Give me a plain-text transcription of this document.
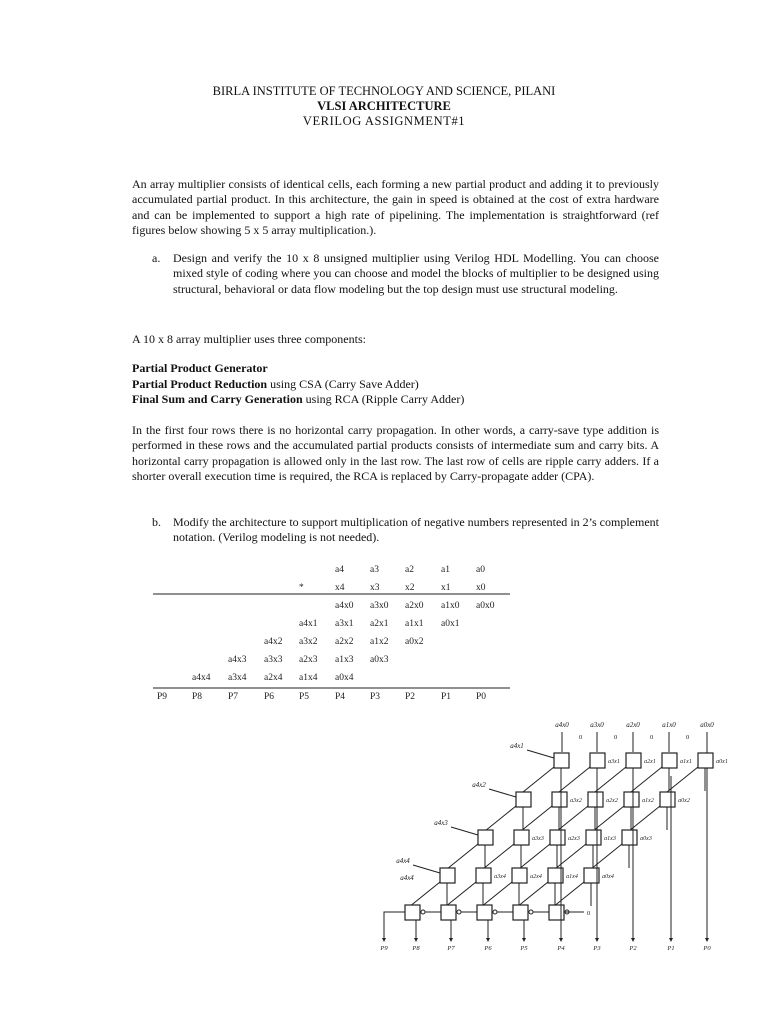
BIRLA INSTITUTE OF TECHNOLOGY AND SCIENCE, PILANI
VLSI ARCHITECTURE
VERILOG ASSIGNMENT#1

An array multiplier consists of identical cells, each forming a new partial product and adding it to previously accumulated partial product. In this architecture, the gain in speed is obtained at the cost of extra hardware and can be implemented to support a high rate of pipelining. The implementation is straightforward (ref figures below showing 5 x 5 array multiplication.).

a. Design and verify the 10 x 8 unsigned multiplier using Verilog HDL Modelling. You can choose mixed style of coding where you can choose and model the blocks of multiplier to be designed using structural, behavioral or data flow modeling but the top design must use structural modeling.
A 10 x 8 array multiplier uses three components:
Partial Product Generator
Partial Product Reduction using CSA (Carry Save Adder)
Final Sum and Carry Generation using RCA (Ripple Carry Adder)

In the first four rows there is no horizontal carry propagation. In other words, a carry-save type addition is performed in these rows and the accumulated partial products consists of intermediate sum and carry bits. A horizontal carry propagation is allowed only in the last row. The last row of cells are ripple carry adders. If a shorter overall execution time is required, the RCA is replaced by Carry-propagate adder (CPA).

b. Modify the architecture to support multiplication of negative numbers represented in 2’s complement notation. (Verilog modeling is not needed).
a4	a3	a2	a1	a0
*	x4	x3	x2	x1	x0
a4x0 a3x0 a2x0 a1x0 a0x0
a4x1 a3x1 a2x1 a1x1 a0x1
a4x2 a3x2 a2x2 a1x2 a0x2
a4x3 a3x3 a2x3 a1x3 a0x3
a4x4 a3x4 a2x4 a1x4 a0x4
P9	P8	P7	P6	P5	P4	P3	P2	P1	P0
a4x0	a3x0	a2x0	a1x0	a0x0
0	0	0	0
a4x1
a3x1	a2x1	a1x1	a0x1
a4x2
a3x2	a2x2	a1x2	a0x2
a4x3
a3x3	a2x3	a1x3	a0x3
a4x4
a3x4	a2x4	a1x4	a0x4
0
a4x4
P9	P8	P7	P6	P5	P4	P3	P2	P1	P0
